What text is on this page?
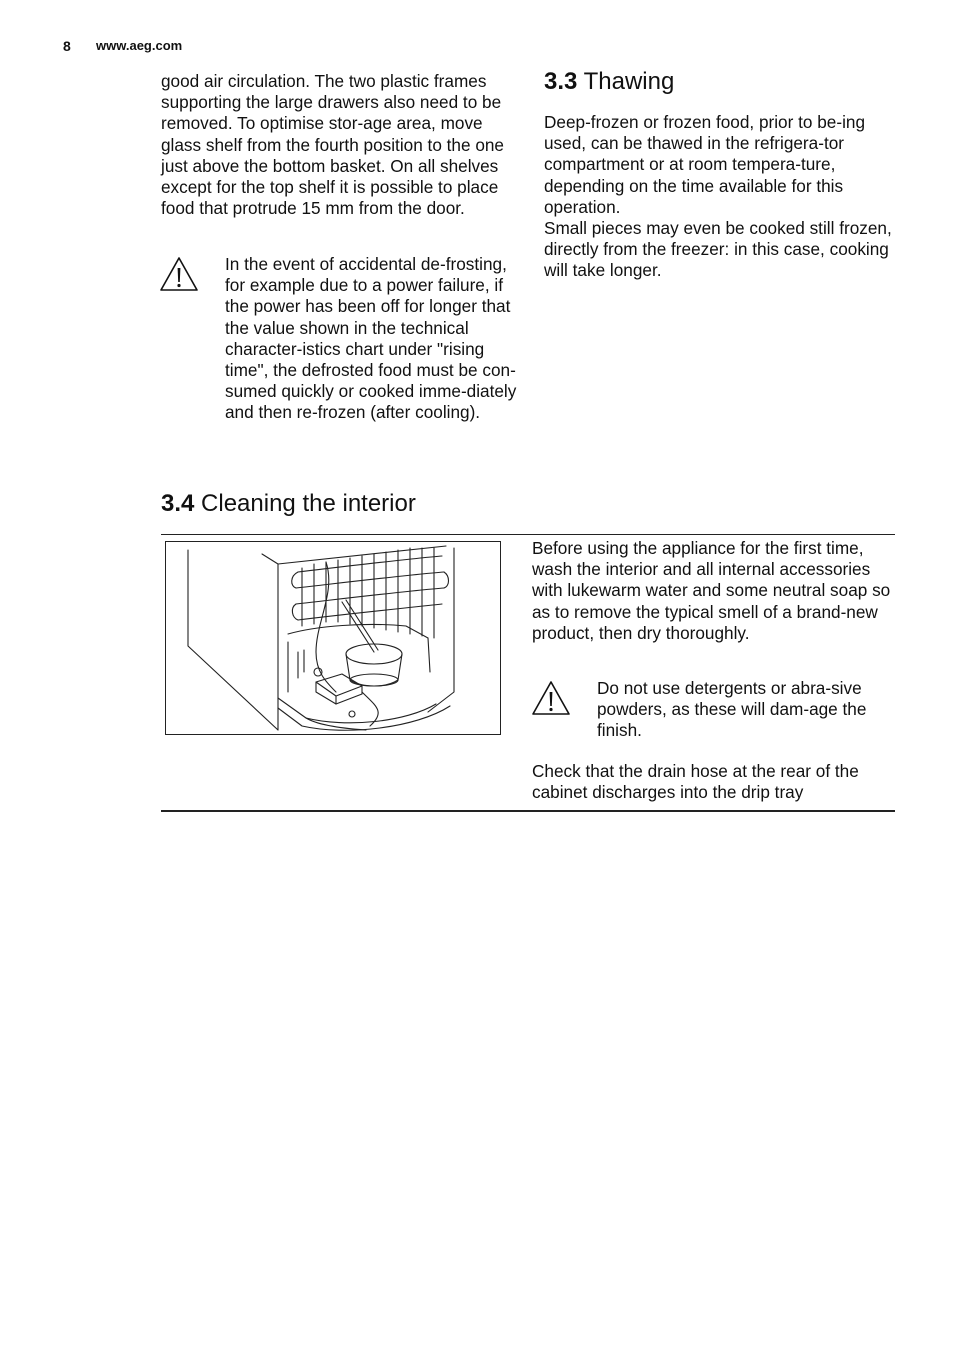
8 www.aeg.com
good air circulation. The two plastic frames supporting the large drawers also need to be removed. To optimise stor-age area, move glass shelf from the fourth position to the one just above the bottom basket. On all shelves except for the top shelf it is possible to place food that protrude 15 mm from the door.
In the event of accidental de-frosting, for example due to a power failure, if the power has been off for longer that the value shown in the technical character-istics chart under "rising time", the defrosted food must be con-sumed quickly or cooked imme-diately and then re-frozen (after cooling).
3.3 Thawing

Deep-frozen or frozen food, prior to be-ing used, can be thawed in the refrigera-tor compartment or at room tempera-ture, depending on the time available for this operation.

Small pieces may even be cooked still frozen, directly from the freezer: in this case, cooking will take longer.

3.4 Cleaning the interior
Before using the appliance for the first time, wash the interior and all internal accessories with lukewarm water and some neutral soap so as to remove the typical smell of a brand-new product, then dry thoroughly.
Do not use detergents or abra-sive powders, as these will dam-age the finish.
Check that the drain hose at the rear of the cabinet discharges into the drip tray
